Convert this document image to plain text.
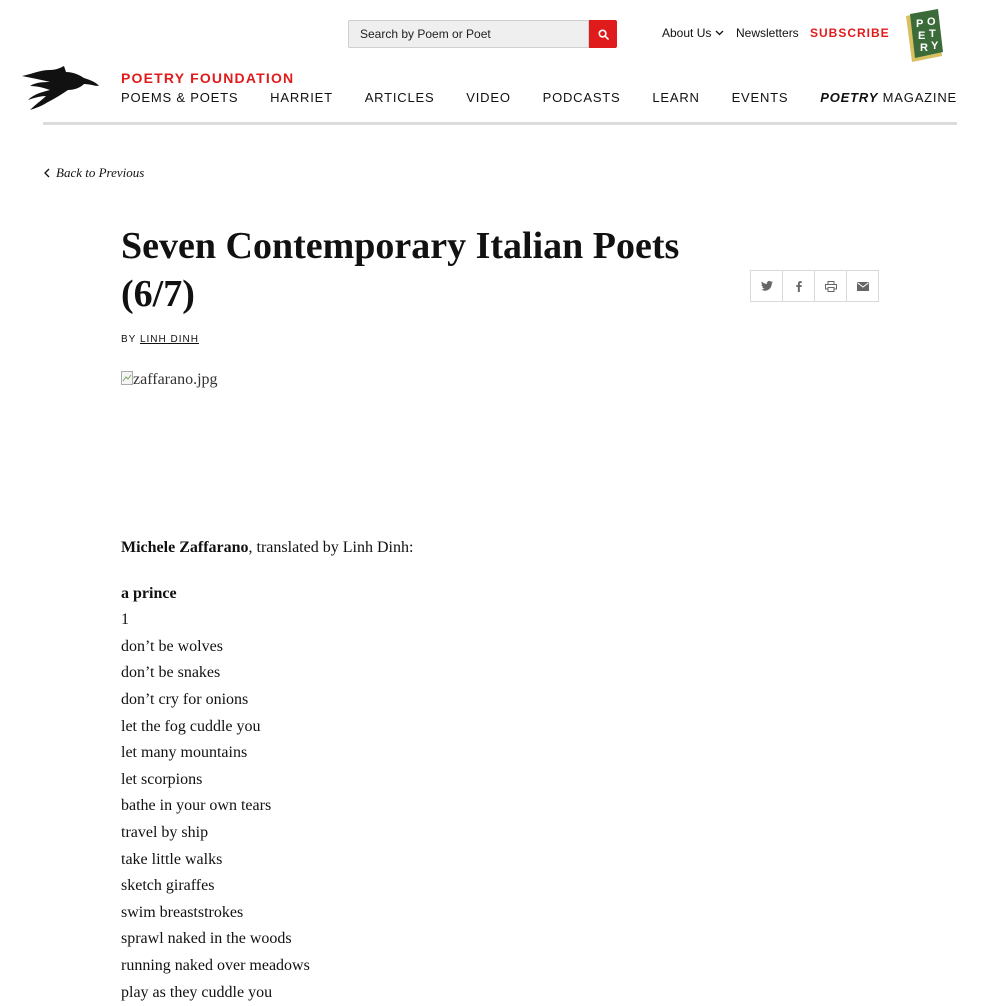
Search by Poem or Poet
About Us Newsletters SUBSCRIBE
P O E T R Y
POETRY FOUNDATION
POEMS & POETS HARRIET ARTICLES VIDEO PODCASTS LEARN EVENTS POETRY MAGAZINE
Back to Previous
Seven Contemporary Italian Poets (6/7)
BY LINH DINH
zaffarano.jpg

Michele Zaffarano, translated by Linh Dinh:

a prince

1
don’t be wolves
don’t be snakes
don’t cry for onions
let the fog cuddle you
let many mountains
let scorpions
bathe in your own tears
travel by ship
take little walks
sketch giraffes
swim breaststrokes
sprawl naked in the woods
running naked over meadows
play as they cuddle you
